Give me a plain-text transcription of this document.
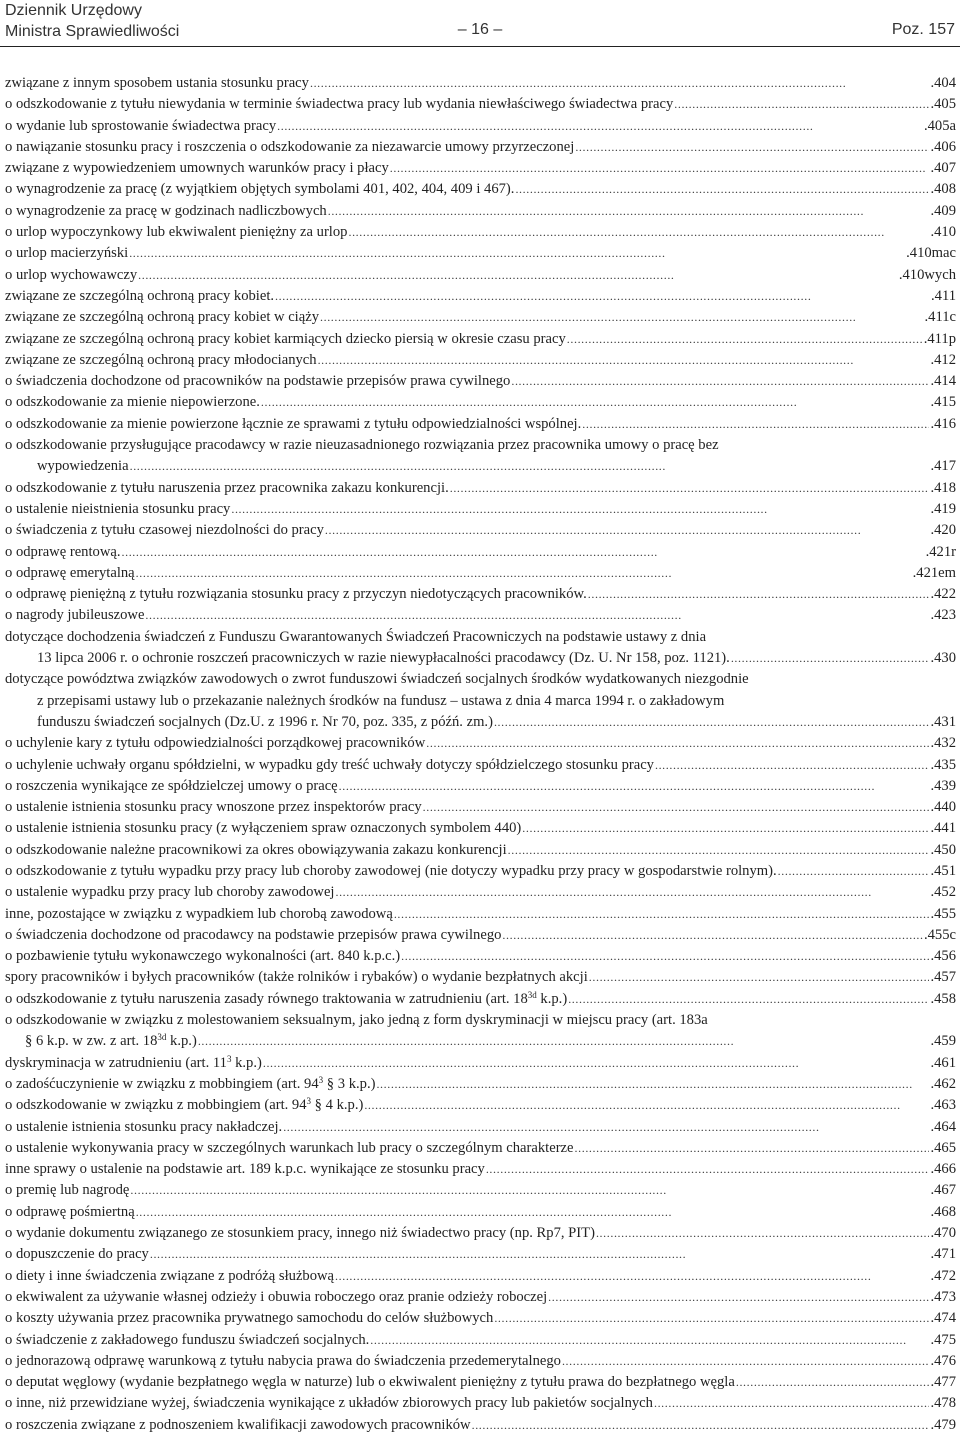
Dziennik Urzędowy
Ministra Sprawiedliwości	– 16 –	Poz. 157
związane z innym sposobem ustania stosunku pracy . . .	.404
o odszkodowanie z tytułu niewydania w terminie świadectwa pracy lub wydania niewłaściwego świadectwa pracy . . .	.405
o wydanie lub sprostowanie świadectwa pracy . . .	.405a
o nawiązanie stosunku pracy i roszczenia o odszkodowanie za niezawarcie umowy przyrzeczonej . . .	.406
związane z wypowiedzeniem umownych warunków pracy i płacy . . .	.407
o wynagrodzenie za pracę (z wyjątkiem objętych symbolami 401, 402, 404, 409 i 467). . . .	.408
o wynagrodzenie za pracę w godzinach nadliczbowych . . .	.409
o urlop wypoczynkowy lub ekwiwalent pieniężny za urlop . . .	.410
o urlop macierzyński . . .	.410mac
o urlop wychowawczy . . .	.410wych
związane ze szczególną ochroną pracy kobiet. . . .	.411
związane ze szczególną ochroną pracy kobiet w ciąży . . .	.411c
związane ze szczególną ochroną pracy kobiet karmiących dziecko piersią w okresie czasu pracy . . .	.411p
związane ze szczególną ochroną pracy młodocianych . . .	.412
o świadczenia dochodzone od pracowników na podstawie przepisów prawa cywilnego . . .	.414
o odszkodowanie za mienie niepowierzone. . . .	.415
o odszkodowanie za mienie powierzone łącznie ze sprawami z tytułu odpowiedzialności wspólnej. . . .	.416
o odszkodowanie przysługujące pracodawcy w razie nieuzasadnionego rozwiązania przez pracownika umowy o pracę bez
wypowiedzenia . . .	.417
o odszkodowanie z tytułu naruszenia przez pracownika zakazu konkurencji. . . .	.418
o ustalenie nieistnienia stosunku pracy . . .	.419
o świadczenia z tytułu czasowej niezdolności do pracy . . .	.420
o odprawę rentową. . . .	.421r
o odprawę emerytalną . . .	.421em
o odprawę pieniężną z tytułu rozwiązania stosunku pracy z przyczyn niedotyczących pracowników. . . .	.422
o nagrody jubileuszowe . . .	.423
dotyczące dochodzenia świadczeń z Funduszu Gwarantowanych Świadczeń Pracowniczych na podstawie ustawy z dnia
13 lipca 2006 r. o ochronie roszczeń pracowniczych w razie niewypłacalności pracodawcy (Dz. U. Nr 158, poz. 1121). . . .	.430
dotyczące powództwa związków zawodowych o zwrot funduszowi świadczeń socjalnych środków wydatkowanych niezgodnie
z przepisami ustawy lub o przekazanie należnych środków na fundusz – ustawa z dnia 4 marca 1994 r. o zakładowym
funduszu świadczeń socjalnych (Dz.U. z 1996 r. Nr 70, poz. 335, z późń. zm.) . . .	.431
o uchylenie kary z tytułu odpowiedzialności porządkowej pracowników . . .	.432
o uchylenie uchwały organu spółdzielni, w wypadku gdy treść uchwały dotyczy spółdzielczego stosunku pracy . . .	.435
o roszczenia wynikające ze spółdzielczej umowy o pracę . . .	.439
o ustalenie istnienia stosunku pracy wnoszone przez inspektorów pracy . . .	.440
o ustalenie istnienia stosunku pracy (z wyłączeniem spraw oznaczonych symbolem 440) . . .	.441
o odszkodowanie należne pracownikowi za okres obowiązywania zakazu konkurencji . . .	.450
o odszkodowanie z tytułu wypadku przy pracy lub choroby zawodowej (nie dotyczy wypadku przy pracy w gospodarstwie rolnym). . . .	.451
o ustalenie wypadku przy pracy lub choroby zawodowej . . .	.452
inne, pozostające w związku z wypadkiem lub chorobą zawodową . . .	.455
o świadczenia dochodzone od pracodawcy na podstawie przepisów prawa cywilnego . . .	.455c
o pozbawienie tytułu wykonawczego wykonalności (art. 840 k.p.c.) . . .	.456
spory pracowników i byłych pracowników (także rolników i rybaków) o wydanie bezpłatnych akcji . . .	.457
o odszkodowanie z tytułu naruszenia zasady równego traktowania w zatrudnieniu (art. $18^{3d}$ k.p.) . . .	.458
o odszkodowanie w związku z molestowaniem seksualnym, jako jedną z form dyskryminacji w miejscu pracy (art. 183a
§ 6 k.p. w zw. z art. $18^{3d}$ k.p.) . . .	.459
dyskryminacja w zatrudnieniu (art. $11^3$ k.p.) . . .	.461
o zadośćuczynienie w związku z mobbingiem (art. $94^3$ § 3 k.p.) . . .	.462
o odszkodowanie w związku z mobbingiem (art. $94^3$ § 4 k.p.) . . .	.463
o ustalenie istnienia stosunku pracy nakładczej. . . .	.464
o ustalenie wykonywania pracy w szczególnych warunkach lub pracy o szczególnym charakterze . . .	.465
inne sprawy o ustalenie na podstawie art. 189 k.p.c. wynikające ze stosunku pracy . . .	.466
o premię lub nagrodę . . .	.467
o odprawę pośmiertną . . .	.468
o wydanie dokumentu związanego ze stosunkiem pracy, innego niż świadectwo pracy (np. Rp7, PIT) . . .	.470
o dopuszczenie do pracy . . .	.471
o diety i inne świadczenia związane z podróżą służbową . . .	.472
o ekwiwalent za używanie własnej odzieży i obuwia roboczego oraz pranie odzieży roboczej . . .	.473
o koszty używania przez pracownika prywatnego samochodu do celów służbowych . . .	.474
o świadczenie z zakładowego funduszu świadczeń socjalnych. . . .	.475
o jednorazową odprawę warunkową z tytułu nabycia prawa do świadczenia przedemerytalnego . . .	.476
o deputat węglowy (wydanie bezpłatnego węgla w naturze) lub o ekwiwalent pieniężny z tytułu prawa do bezpłatnego węgla . . .	.477
o inne, niż przewidziane wyżej, świadczenia wynikające z układów zbiorowych pracy lub pakietów socjalnych . . .	.478
o roszczenia związane z podnoszeniem kwalifikacji zawodowych pracowników . . .	.479
